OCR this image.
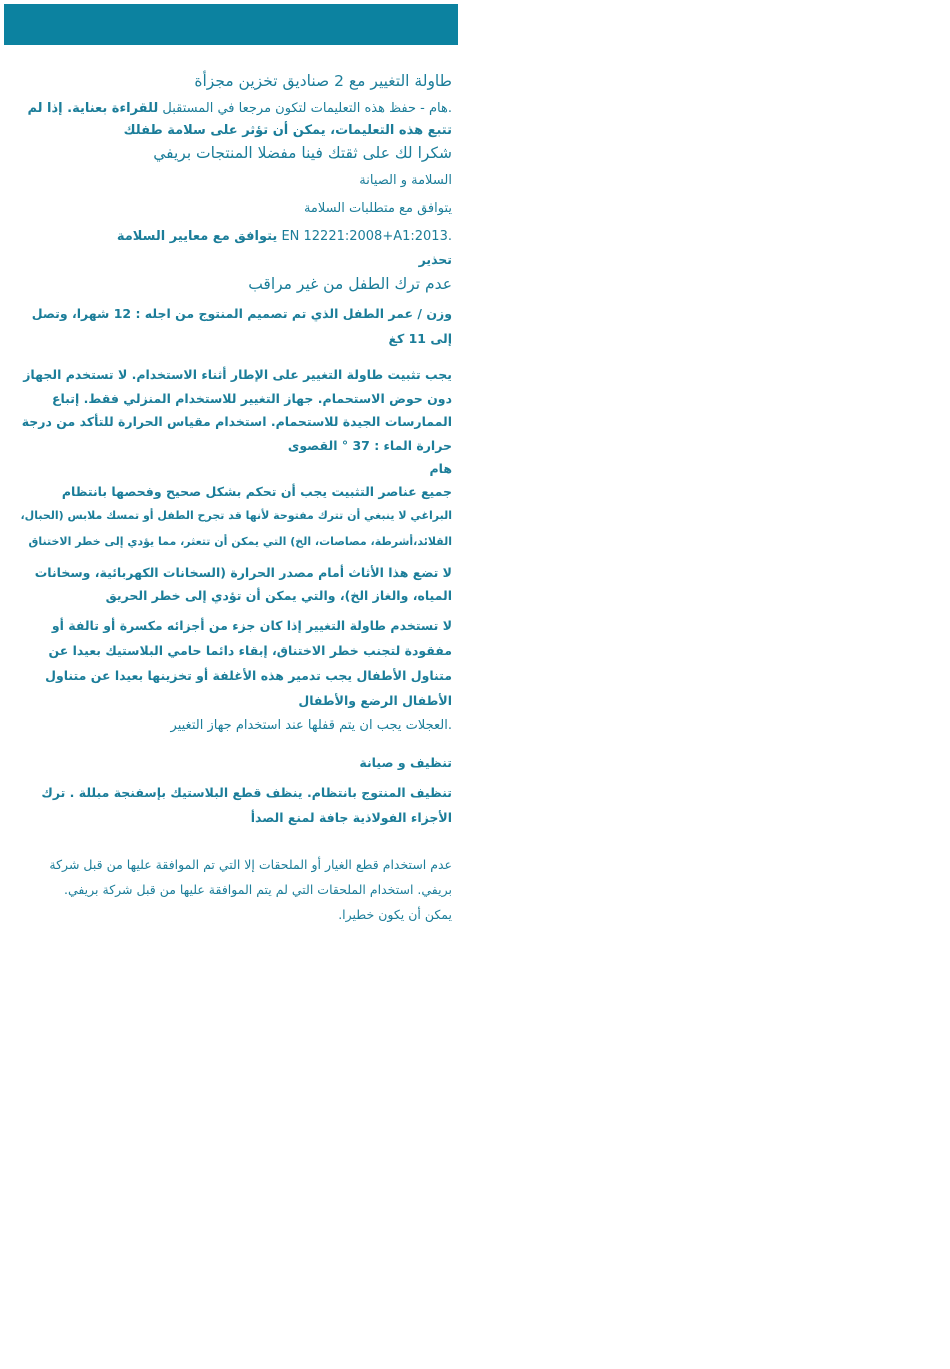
طاولة التغيير مع 2 صناديق تخزين مجزأة

.هام - حفظ هذه التعليمات لتكون مرجعا في المستقبل للقراءة بعناية. إذا لم تتبع هذه التعليمات، يمكن أن تؤثر على سلامة طفلك

شكرا لك على ثقتك فينا مفضلا المنتجات بريفي

السلامة و الصيانة

يتوافق مع متطلبات السلامة

.EN 12221:2008+A1:2013 يتوافق مع معايير السلامة

تحذير

عدم ترك الطفل من غير مراقب

وزن / عمر الطفل الذي تم تصميم المنتوج من اجله : 12 شهرا، وتصل إلى 11 كغ

يجب تثبيت طاولة التغيير على الإطار أثناء الاستخدام. لا تستخدم الجهاز دون حوض الاستحمام. جهاز التغيير للاستخدام المنزلي فقط. إتباع الممارسات الجيدة للاستحمام. استخدام مقياس الحرارة للتأكد من درجة حرارة الماء : 37 ° القصوى

هام

جميع عناصر التثبيت يجب أن تحكم بشكل صحيح وفحصها بانتظام

البراغي لا ينبغي أن تترك مفتوحة لأنها قد تجرح الطفل أو تمسك ملابس (الحبال، القلائد،أشرطة، مصاصات، الخ) التي يمكن أن تتعثر، مما يؤدي إلى خطر الاختناق

لا تضع هذا الأثاث أمام مصدر الحرارة (السخانات الكهربائية، وسخانات المياه، والغاز الخ)، والتي يمكن أن تؤدي إلى خطر الحريق

لا تستخدم طاولة التغيير إذا كان جزء من أجزائه مكسرة أو تالفة أو مفقودة لتجنب خطر الاختناق، إبقاء دائما حامي البلاستيك بعيدا عن متناول الأطفال يجب تدمير هذه الأغلفة أو تخزينها بعيدا عن متناول الأطفال الرضع والأطفال

.العجلات يجب ان يتم قفلها عند استخدام جهاز التغيير

تنظيف و صيانة

تنظيف المنتوج بانتظام. ينظف قطع البلاستيك بإسفنجة مبللة . ترك الأجزاء الفولاذية جافة لمنع الصدأ

عدم استخدام قطع الغيار أو الملحقات إلا التي تم الموافقة عليها من قبل شركة بريفي. استخدام الملحقات التي لم يتم الموافقة عليها من قبل شركة بريفي.

يمكن أن يكون خطيرا.
